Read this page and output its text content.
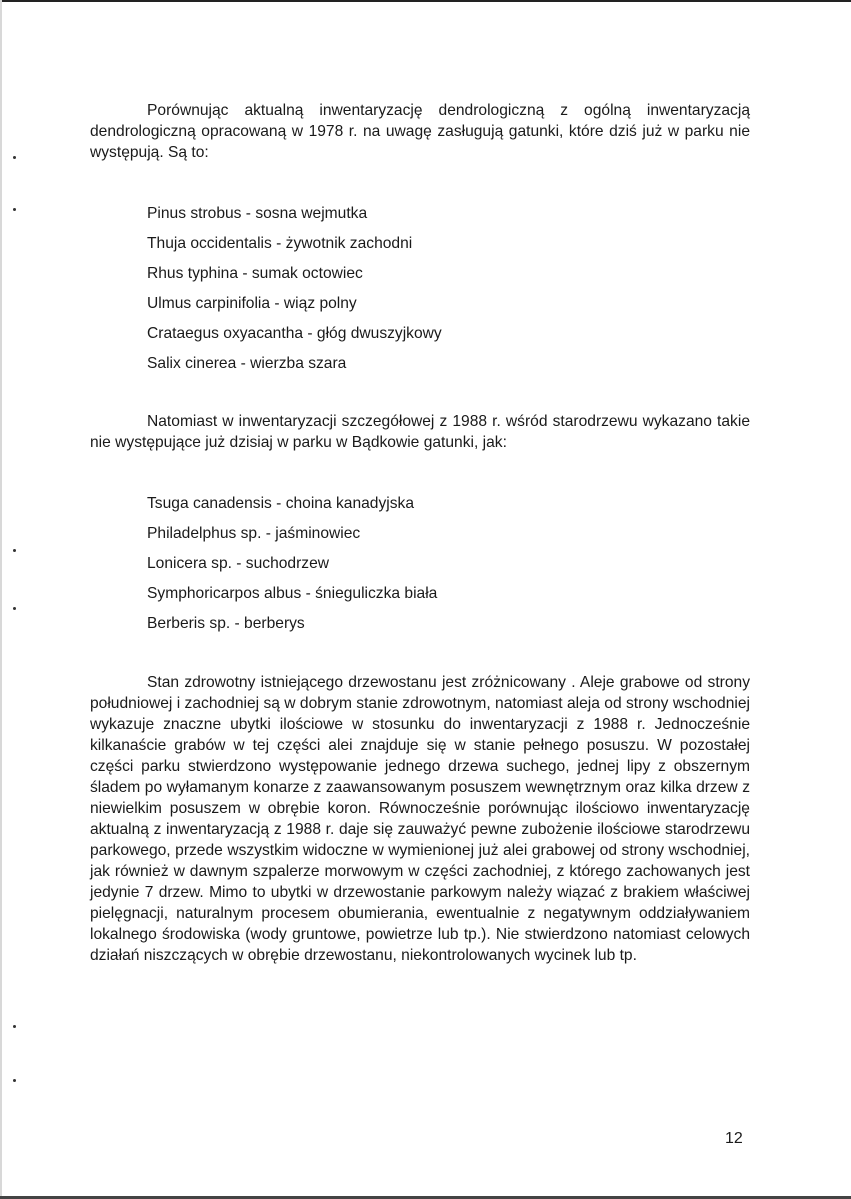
Porównując aktualną inwentaryzację dendrologiczną z ogólną inwentaryzacją dendrologiczną opracowaną w 1978 r. na uwagę zasługują gatunki, które dziś już w parku nie występują. Są to:

Pinus strobus - sosna wejmutka
Thuja occidentalis - żywotnik zachodni
Rhus typhina - sumak octowiec
Ulmus carpinifolia - wiąz polny
Crataegus oxyacantha - głóg dwuszyjkowy
Salix cinerea - wierzba szara

Natomiast w inwentaryzacji szczegółowej z 1988 r. wśród starodrzewu wykazano takie nie występujące już dzisiaj w parku w Bądkowie gatunki, jak:

Tsuga canadensis - choina kanadyjska
Philadelphus sp. - jaśminowiec
Lonicera sp. - suchodrzew
Symphoricarpos albus - śnieguliczka biała
Berberis sp. - berberys

Stan zdrowotny istniejącego drzewostanu jest zróżnicowany . Aleje grabowe od strony południowej i zachodniej są w dobrym stanie zdrowotnym, natomiast aleja od strony wschodniej wykazuje znaczne ubytki ilościowe w stosunku do inwentaryzacji z 1988 r. Jednocześnie kilkanaście grabów w tej części alei znajduje się w stanie pełnego posuszu. W pozostałej części parku stwierdzono występowanie jednego drzewa suchego, jednej lipy z obszernym śladem po wyłamanym konarze z zaawansowanym posuszem wewnętrznym oraz kilka drzew z niewielkim posuszem w obrębie koron. Równocześnie porównując ilościowo inwentaryzację aktualną z inwentaryzacją z 1988 r. daje się zauważyć pewne zubożenie ilościowe starodrzewu parkowego, przede wszystkim widoczne w wymienionej już alei grabowej od strony wschodniej, jak również w dawnym szpalerze morwowym w części zachodniej, z którego zachowanych jest jedynie 7 drzew. Mimo to ubytki w drzewostanie parkowym należy wiązać z brakiem właściwej pielęgnacji, naturalnym procesem obumierania, ewentualnie z negatywnym oddziaływaniem lokalnego środowiska (wody gruntowe, powietrze lub tp.). Nie stwierdzono natomiast celowych działań niszczących w obrębie drzewostanu, niekontrolowanych wycinek lub tp.

12
